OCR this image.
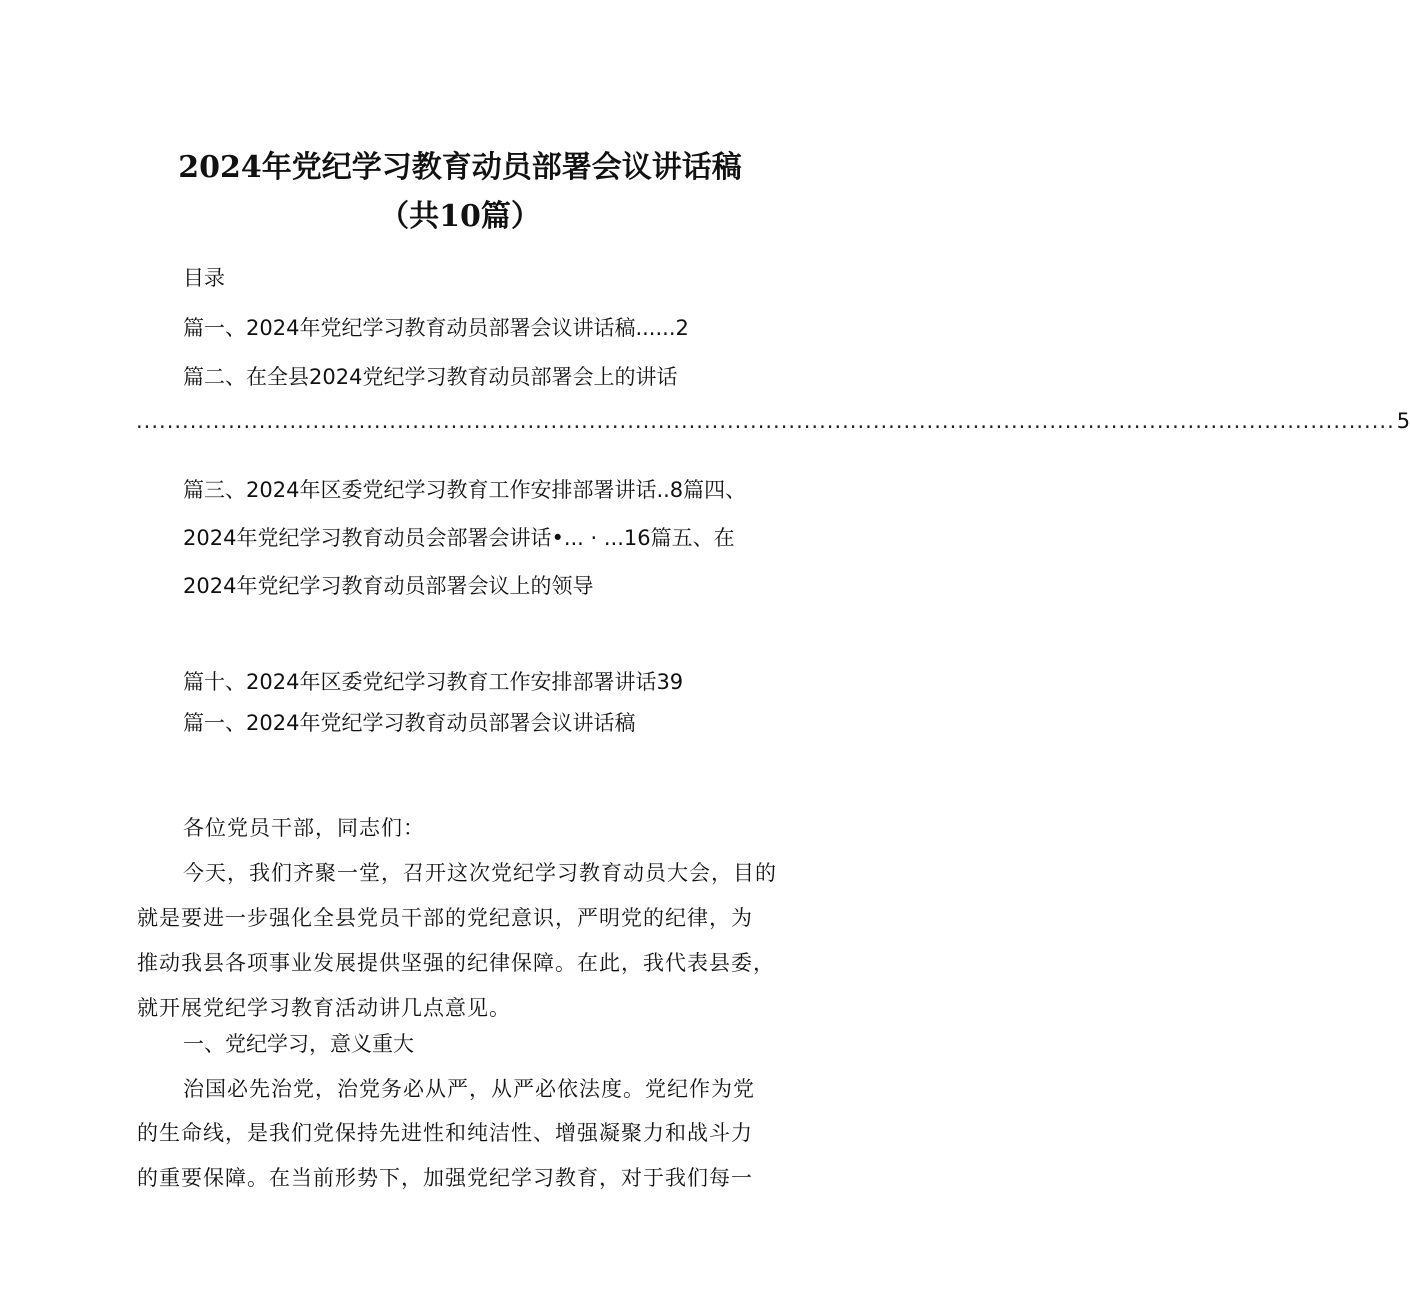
2024年党纪学习教育动员部署会议讲话稿
（共10篇）
目录
篇一、2024年党纪学习教育动员部署会议讲话稿......2
篇二、在全县2024党纪学习教育动员部署会上的讲话
.................................................................................................................................................................... 5
篇三、2024年区委党纪学习教育工作安排部署讲话..8篇四、
2024年党纪学习教育动员会部署会讲话•... · ...16篇五、在
2024年党纪学习教育动员部署会议上的领导
篇十、2024年区委党纪学习教育工作安排部署讲话39
篇一、2024年党纪学习教育动员部署会议讲话稿
各位党员干部，同志们：
今天，我们齐聚一堂，召开这次党纪学习教育动员大会，目的
就是要进一步强化全县党员干部的党纪意识，严明党的纪律，为
推动我县各项事业发展提供坚强的纪律保障。在此，我代表县委，
就开展党纪学习教育活动讲几点意见。
一、党纪学习，意义重大
治国必先治党，治党务必从严，从严必依法度。党纪作为党
的生命线，是我们党保持先进性和纯洁性、增强凝聚力和战斗力
的重要保障。在当前形势下，加强党纪学习教育，对于我们每一
